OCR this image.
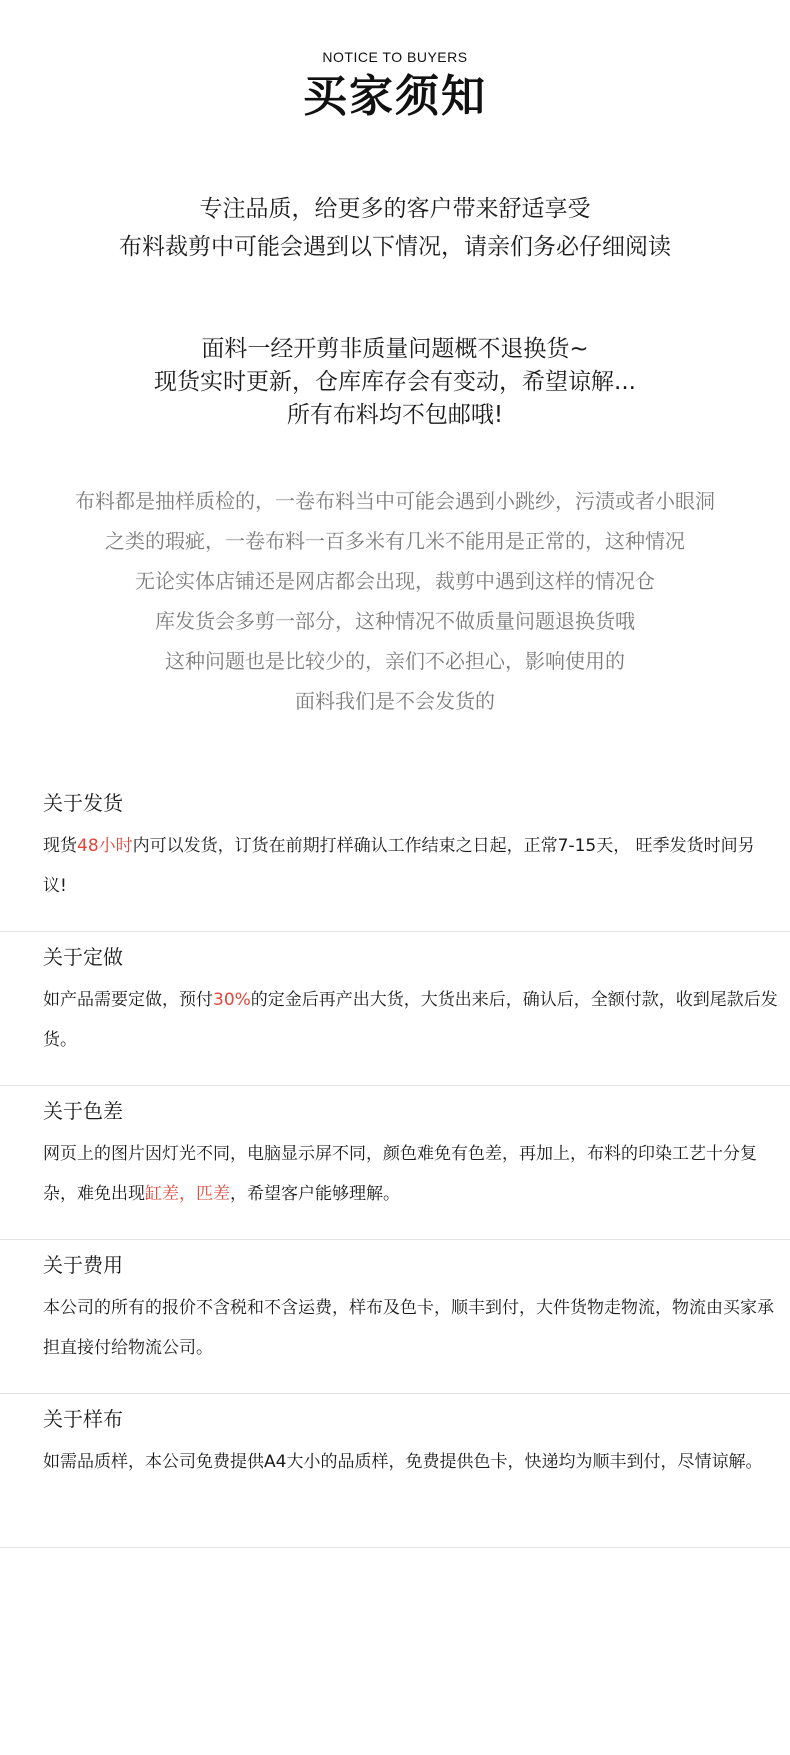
NOTICE TO BUYERS
买家须知
专注品质，给更多的客户带来舒适享受
布料裁剪中可能会遇到以下情况，请亲们务必仔细阅读
面料一经开剪非质量问题概不退换货~
现货实时更新，仓库库存会有变动，希望谅解...
所有布料均不包邮哦!
布料都是抽样质检的，一卷布料当中可能会遇到小跳纱，污渍或者小眼洞
之类的瑕疵，一卷布料一百多米有几米不能用是正常的，这种情况
无论实体店铺还是网店都会出现，裁剪中遇到这样的情况仓
库发货会多剪一部分，这种情况不做质量问题退换货哦
这种问题也是比较少的，亲们不必担心，影响使用的
面料我们是不会发货的
关于发货
现货48小时内可以发货，订货在前期打样确认工作结束之日起，正常7-15天， 旺季发货时间另议!
关于定做
如产品需要定做，预付30%的定金后再产出大货，大货出来后，确认后，全额付款，收到尾款后发货。
关于色差
网页上的图片因灯光不同，电脑显示屏不同，颜色难免有色差，再加上，布料的印染工艺十分复杂，难免出现缸差，匹差，希望客户能够理解。
关于费用
本公司的所有的报价不含税和不含运费，样布及色卡，顺丰到付，大件货物走物流，物流由买家承担直接付给物流公司。
关于样布
如需品质样，本公司免费提供A4大小的品质样，免费提供色卡，快递均为顺丰到付，尽情谅解。
